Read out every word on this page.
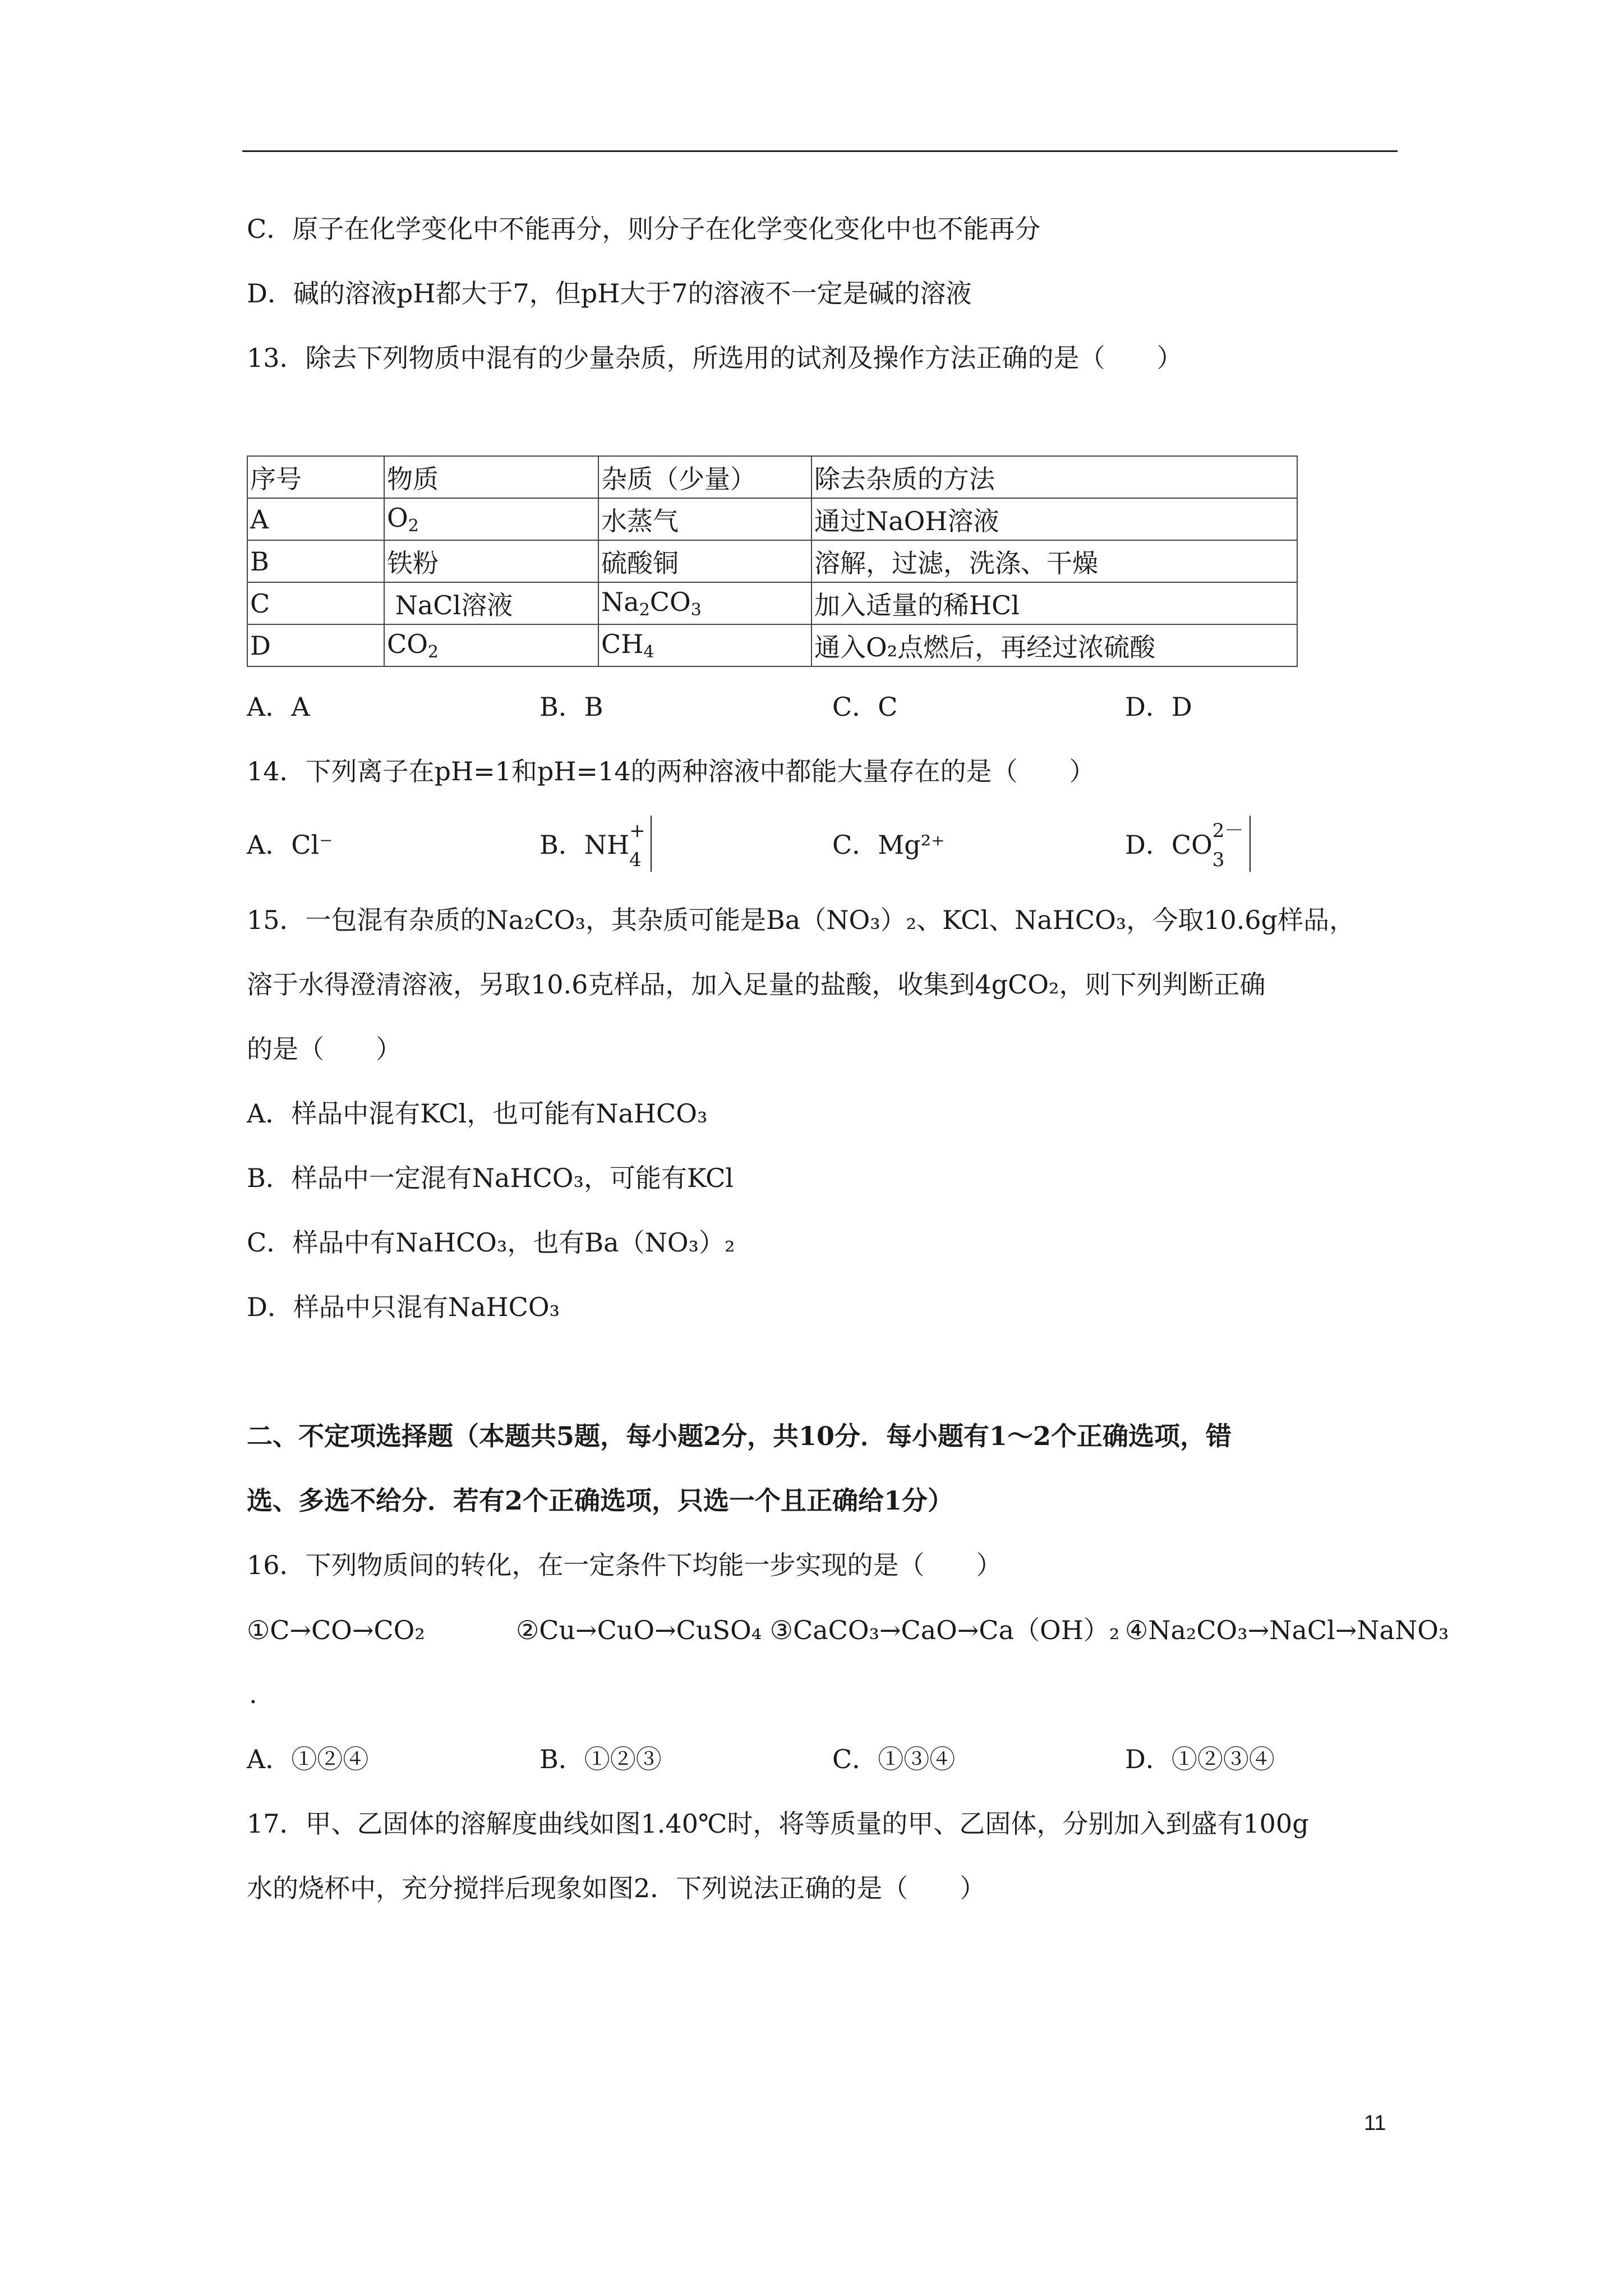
C．原子在化学变化中不能再分，则分子在化学变化变化中也不能再分
D．碱的溶液pH都大于7，但pH大于7的溶液不一定是碱的溶液
13．除去下列物质中混有的少量杂质，所选用的试剂及操作方法正确的是（　　）
序号	物质	杂质（少量）	除去杂质的方法
A	$O_2$	水蒸气	通过NaOH溶液
B	铁粉	硫酸铜	溶解，过滤，洗涤、干燥
C	NaCl溶液	$Na_2CO_3$	加入适量的稀HCl
D	$CO_2$	$CH_4$	通入O₂点燃后，再经过浓硫酸
A．A	B．B	C．C	D．D
14．下列离子在pH=1和pH=14的两种溶液中都能大量存在的是（　　）
A．Cl⁻	B．NH +
4	C．Mg²⁺	D．CO 2－
3
15．一包混有杂质的Na₂CO₃，其杂质可能是Ba（NO₃）₂、KCl、NaHCO₃，今取10.6g样品，
溶于水得澄清溶液，另取10.6克样品，加入足量的盐酸，收集到4gCO₂，则下列判断正确
的是（　　）
A．样品中混有KCl，也可能有NaHCO₃
B．样品中一定混有NaHCO₃，可能有KCl
C．样品中有NaHCO₃，也有Ba（NO₃）₂
D．样品中只混有NaHCO₃
二、不定项选择题（本题共5题，每小题2分，共10分．每小题有1～2个正确选项，错
选、多选不给分．若有2个正确选项，只选一个且正确给1分）
16．下列物质间的转化，在一定条件下均能一步实现的是（　　）
①C→CO→CO₂	②Cu→CuO→CuSO₄ ③CaCO₃→CaO→Ca（OH）₂ ④Na₂CO₃→NaCl→NaNO₃
.
A．①②④	B．①②③	C．①③④	D．①②③④
17．甲、乙固体的溶解度曲线如图1.40℃时，将等质量的甲、乙固体，分别加入到盛有100g
水的烧杯中，充分搅拌后现象如图2．下列说法正确的是（　　）
11
